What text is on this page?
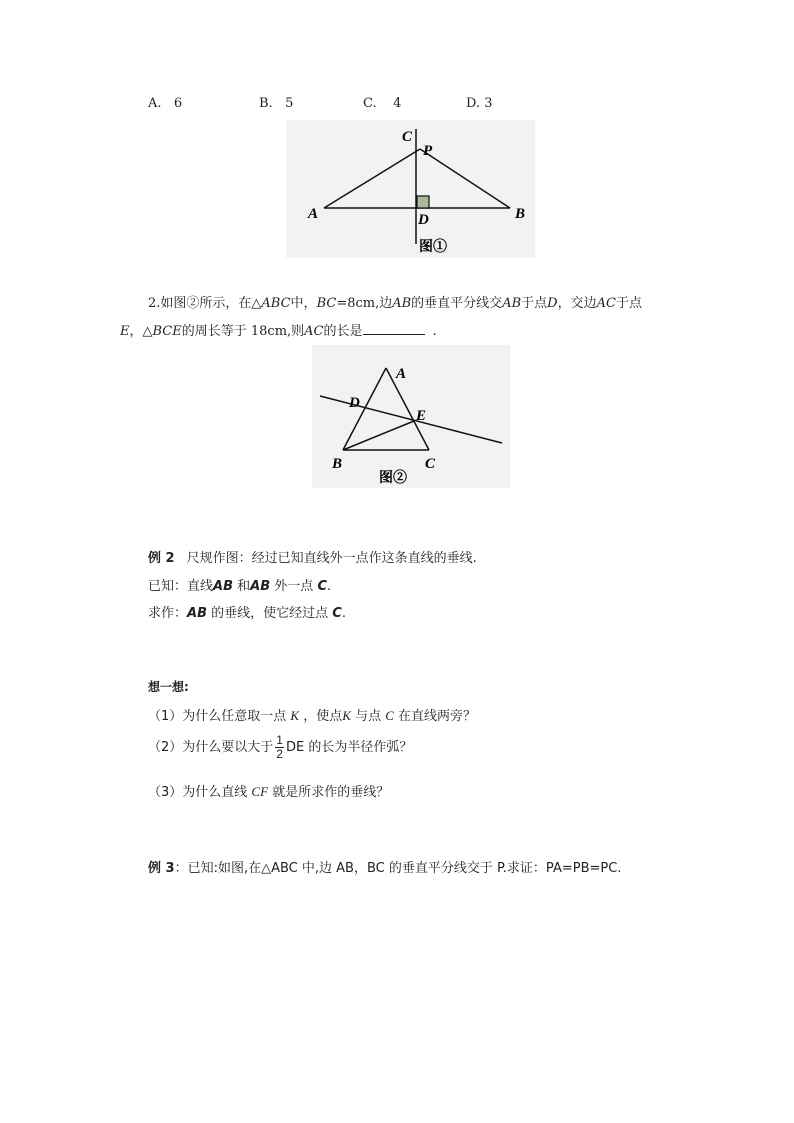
A.   6	B.   5	C.    4	D. 3
A	B
C
P
D
图①
2.如图②所示，在△ABC中，BC=8cm,边AB的垂直平分线交AB于点D，交边AC于点
E，△BCE的周长等于 18cm,则AC的长是	.
A
D
E
B	C
图②
例 2 尺规作图：经过已知直线外一点作这条直线的垂线.
已知：直线AB 和AB 外一点 C.
求作：AB 的垂线，使它经过点 C.
想一想:
（1）为什么任意取一点 K ，使点K 与点 C 在直线两旁？
（2）为什么要以大于 $\frac{1}{2}$ DE 的长为半径作弧？
（3）为什么直线 CF 就是所求作的垂线？
例 3：已知:如图,在△ABC 中,边 AB，BC 的垂直平分线交于 P.求证：PA=PB=PC.
